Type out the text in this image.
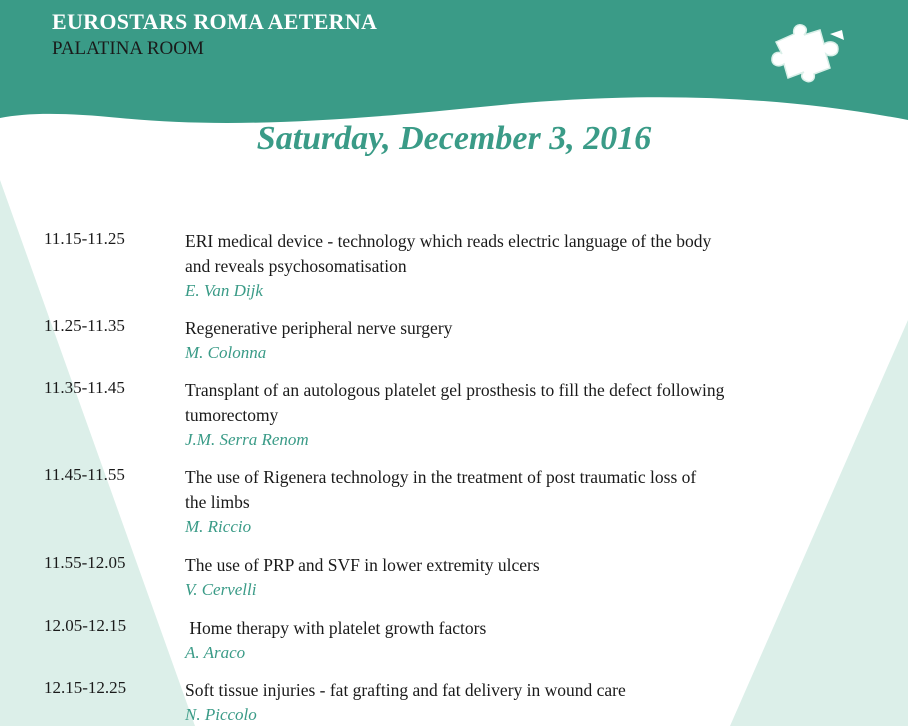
EUROSTARS ROMA AETERNA
PALATINA ROOM
Saturday, December 3, 2016
11.15-11.25	ERI medical device - technology which reads electric language of the body
and reveals psychosomatisation
E. Van Dijk
11.25-11.35	Regenerative peripheral nerve surgery
M. Colonna
11.35-11.45	Transplant of an autologous platelet gel prosthesis to fill the defect following
tumorectomy
J.M. Serra Renom
11.45-11.55	The use of Rigenera technology in the treatment of post traumatic loss of
the limbs
M. Riccio
11.55-12.05	The use of PRP and SVF in lower extremity ulcers
V. Cervelli
12.05-12.15	Home therapy with platelet growth factors
A. Araco
12.15-12.25	Soft tissue injuries - fat grafting and fat delivery in wound care
N. Piccolo
